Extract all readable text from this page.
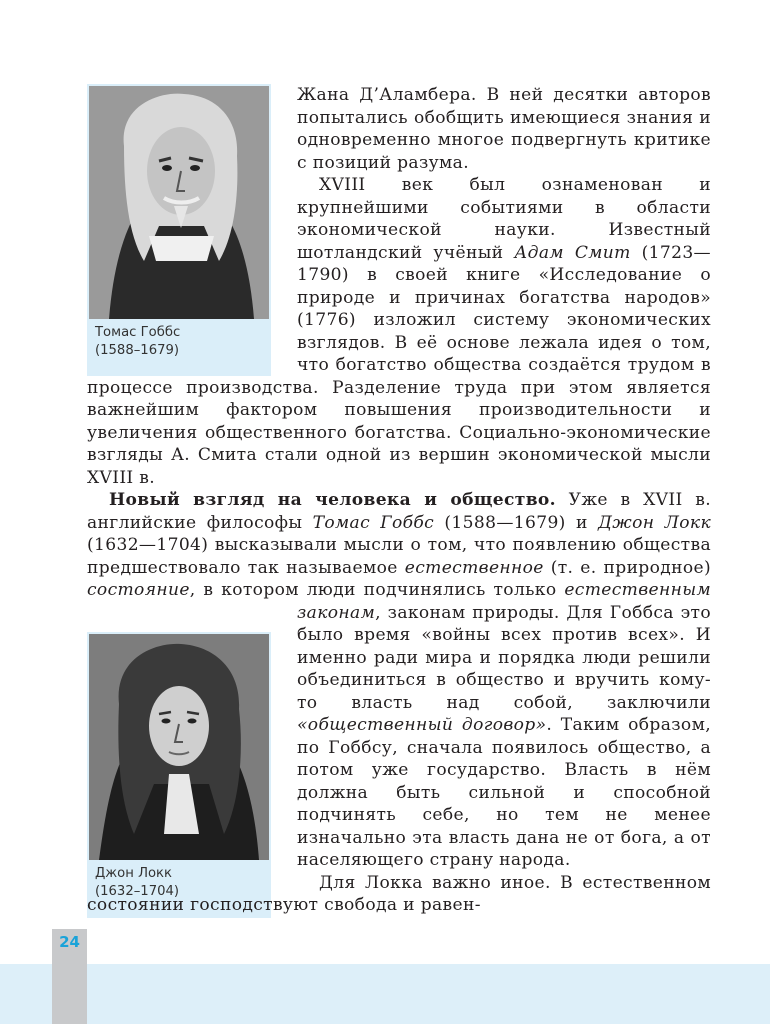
Томас Гоббс
(1588–1679)
Джон Локк
(1632–1704)

Жана Д’Аламбера. В ней десятки авторов попытались обобщить имеющиеся знания и одновременно многое подвергнуть критике с позиций разума.

XVIII век был ознаменован и крупнейшими событиями в области экономической науки. Известный шотландский учёный Адам Смит (1723—1790) в своей книге «Исследование о природе и причинах богатства народов» (1776) изложил систему экономических взглядов. В её основе лежала идея о том, что богатство общества создаётся трудом в процессе производства. Разделение труда при этом является важнейшим фактором повышения производительности и увеличения общественного богатства. Социально-экономические взгляды А. Смита стали одной из вершин экономической мысли XVIII в.

Новый взгляд на человека и общество. Уже в XVII в. английские философы Томас Гоббс (1588—1679) и Джон Локк (1632—1704) высказывали мысли о том, что появлению общества предшествовало так называемое естественное (т. е. природное) состояние, в котором люди подчинялись только
естественным законам, законам природы. Для Гоббса это было время «войны всех против всех». И именно ради мира и порядка люди решили объединиться в общество и вручить кому-то власть над собой, заключили «общественный договор». Таким образом, по Гоббсу, сначала появилось общество, а потом уже государство. Власть в нём должна быть сильной и способной подчинять себе, но тем не менее изначально эта власть дана не от бога, а от населяющего страну народа.

Для Локка важно иное. В естественном состоянии господствуют свобода и равен-

24
